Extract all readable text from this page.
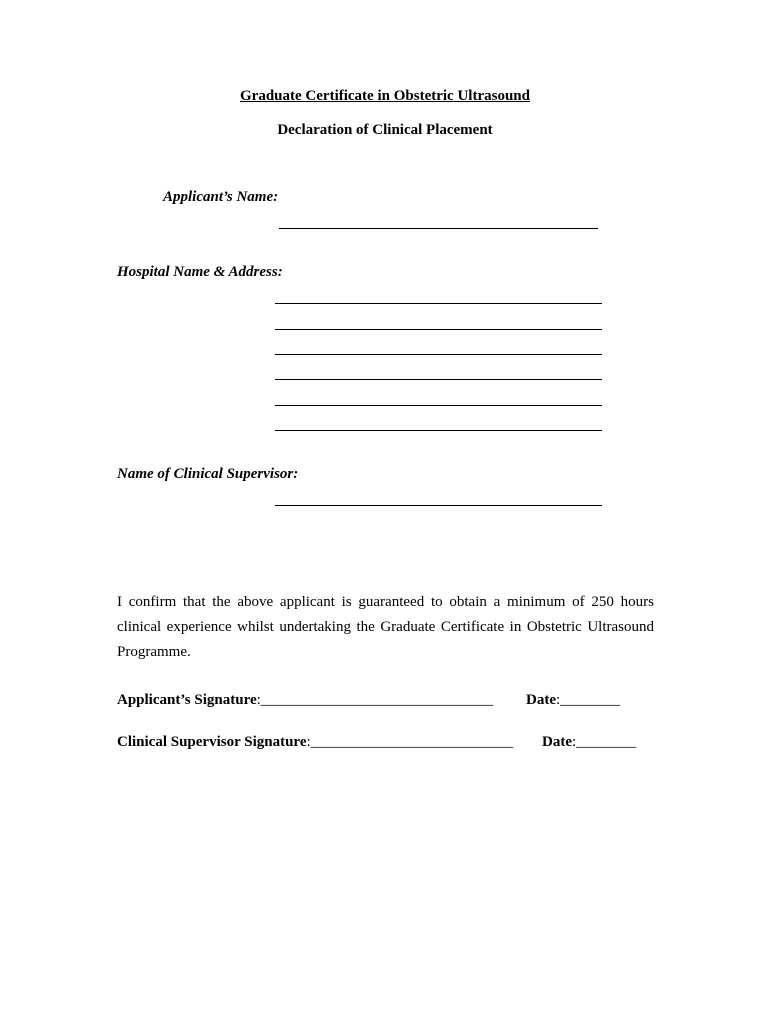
Graduate Certificate in Obstetric Ultrasound
Declaration of Clinical Placement
Applicant’s Name:
Hospital Name & Address:
Name of Clinical Supervisor:
I confirm that the above applicant is guaranteed to obtain a minimum of 250 hours clinical experience whilst undertaking the Graduate Certificate in Obstetric Ultrasound Programme.
Applicant’s Signature:_______________________________ Date:________
Clinical Supervisor Signature:___________________________ Date:________
